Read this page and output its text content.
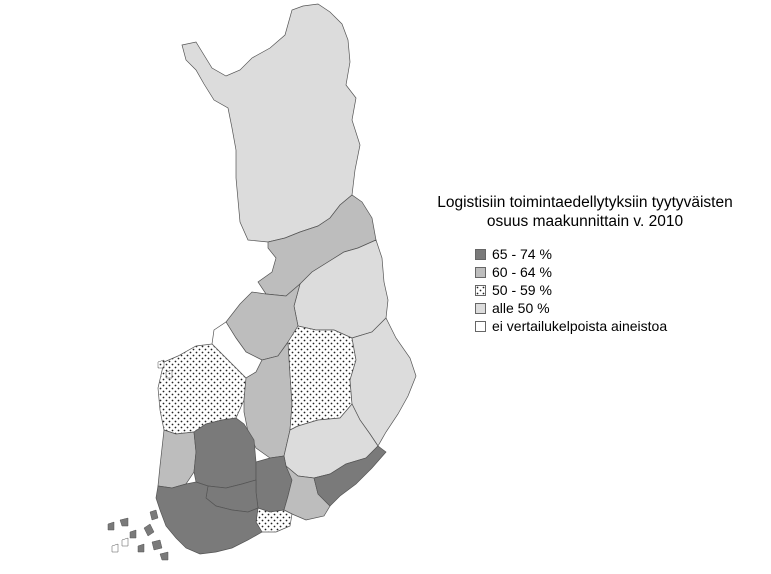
Logistisiin toimintaedellytyksiin tyytyväisten
osuus maakunnittain v. 2010
65 - 74 %
60 - 64 %
50 - 59 %
alle 50 %
ei vertailukelpoista aineistoa
